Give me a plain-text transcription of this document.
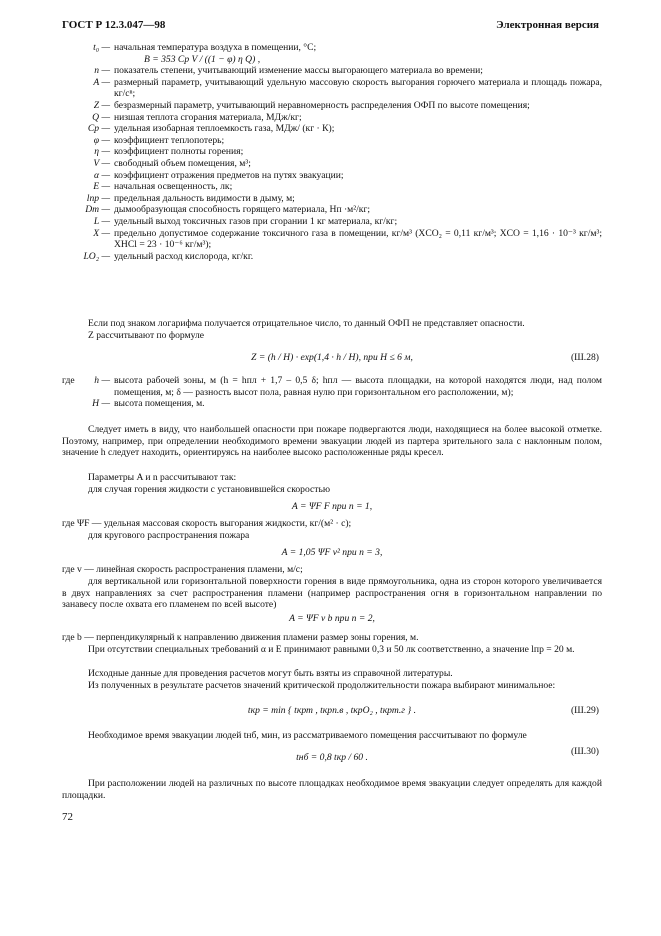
ГОСТ Р 12.3.047—98	Электронная версия
t₀ — начальная температура воздуха в помещении, °С;
B = 353 Cp V / ((1 − φ) η Q) ,
n — показатель степени, учитывающий изменение массы выгорающего материала во времени;
A — размерный параметр, учитывающий удельную массовую скорость выгорания горючего материала и площадь пожара, кг/сⁿ;
Z — безразмерный параметр, учитывающий неравномерность распределения ОФП по высоте помещения;
Q — низшая теплота сгорания материала, МДж/кг;
Cp — удельная изобарная теплоемкость газа, МДж/ (кг · К);
φ — коэффициент теплопотерь;
η — коэффициент полноты горения;
V — свободный объем помещения, м³;
α — коэффициент отражения предметов на путях эвакуации;
E — начальная освещенность, лк;
lпр — предельная дальность видимости в дыму, м;
Dm — дымообразующая способность горящего материала, Нп ·м²/кг;
L — удельный выход токсичных газов при сгорании 1 кг материала, кг/кг;
X — предельно допустимое содержание токсичного газа в помещении, кг/м³ (XCO₂ = 0,11 кг/м³; XCO = 1,16 · 10⁻³ кг/м³; XHCl = 23 · 10⁻⁶ кг/м³);
LO₂ — удельный расход кислорода, кг/кг.
Если под знаком логарифма получается отрицательное число, то данный ОФП не представляет опасности.
Z рассчитывают по формуле
Z = (h / H) · exp(1,4 · h / H), при H ≤ 6 м,	(Ш.28)
где	h — высота рабочей зоны, м (h = hпл + 1,7 – 0,5 δ; hпл — высота площадки, на которой находятся люди, над полом помещения, м; δ — разность высот пола, равная нулю при горизонтальном его расположении, м);
H — высота помещения, м.
Следует иметь в виду, что наибольшей опасности при пожаре подвергаются люди, находящиеся на более высокой отметке. Поэтому, например, при определении необходимого времени эвакуации людей из партера зрительного зала с наклонным полом, значение h следует находить, ориентируясь на наиболее высоко расположенные ряды кресел.
Параметры A и n рассчитывают так:
для случая горения жидкости с установившейся скоростью
A = ΨF F при n = 1,
где ΨF — удельная массовая скорость выгорания жидкости, кг/(м² · с);
для кругового распространения пожара
A = 1,05 ΨF v² при n = 3,
где v — линейная скорость распространения пламени, м/с;
для вертикальной или горизонтальной поверхности горения в виде прямоугольника, одна из сторон которого увеличивается в двух направлениях за счет распространения пламени (например распространения огня в горизонтальном направлении по занавесу после охвата его пламенем по всей высоте)
A = ΨF v b при n = 2,
где b — перпендикулярный к направлению движения пламени размер зоны горения, м.
При отсутствии специальных требований α и E принимают равными 0,3 и 50 лк соответственно, а значение lпр = 20 м.
Исходные данные для проведения расчетов могут быть взяты из справочной литературы.
Из полученных в результате расчетов значений критической продолжительности пожара выбирают минимальное:
tкр = min { tкрт , tкрп.в , tкрO₂ , tкрт.г } .	(Ш.29)
Необходимое время эвакуации людей tнб, мин, из рассматриваемого помещения рассчитывают по формуле
tнб = 0,8 tкр / 60 .
(Ш.30)
При расположении людей на различных по высоте площадках необходимое время эвакуации следует определять для каждой площадки.
72
